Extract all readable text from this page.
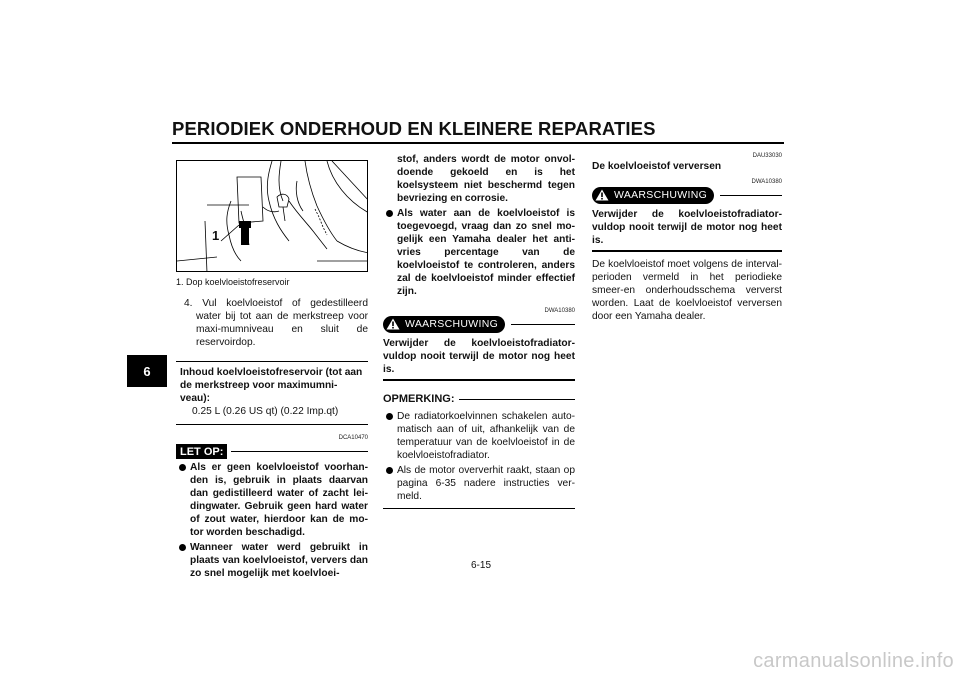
PERIODIEK ONDERHOUD EN KLEINERE REPARATIES
6
1
1. Dop koelvloeistofreservoir
4. Vul koelvloeistof of gedestilleerd water bij tot aan de merkstreep voor maxi-mumniveau en sluit de reservoirdop.
Inhoud koelvloeistofreservoir (tot aan de merkstreep voor maximumni-veau):
0.25 L (0.26 US qt) (0.22 Imp.qt)
DCA10470
LET OP:
Als er geen koelvloeistof voorhan-den is, gebruik in plaats daarvan dan gedistilleerd water of zacht lei-dingwater. Gebruik geen hard water of zout water, hierdoor kan de mo-tor worden beschadigd.
Wanneer water werd gebruikt in plaats van koelvloeistof, ververs dan zo snel mogelijk met koelvloei-
stof, anders wordt de motor onvol-doende gekoeld en is het koelsysteem niet beschermd tegen bevriezing en corrosie.
Als water aan de koelvloeistof is toegevoegd, vraag dan zo snel mo-gelijk een Yamaha dealer het anti-vries percentage van de koelvloeistof te controleren, anders zal de koelvloeistof minder effectief zijn.
DWA10380
WAARSCHUWING
Verwijder de koelvloeistofradiator-vuldop nooit terwijl de motor nog heet is.
OPMERKING:
De radiatorkoelvinnen schakelen auto-matisch aan of uit, afhankelijk van de temperatuur van de koelvloeistof in de koelvloeistofradiator.
Als de motor oververhit raakt, staan op pagina 6-35 nadere instructies ver-meld.
DAU33030
De koelvloeistof verversen
DWA10380
WAARSCHUWING
Verwijder de koelvloeistofradiator-vuldop nooit terwijl de motor nog heet is.
De koelvloeistof moet volgens de interval-perioden vermeld in het periodieke smeer-en onderhoudsschema ververst worden. Laat de koelvloeistof verversen door een Yamaha dealer.
6-15
carmanualsonline.info
